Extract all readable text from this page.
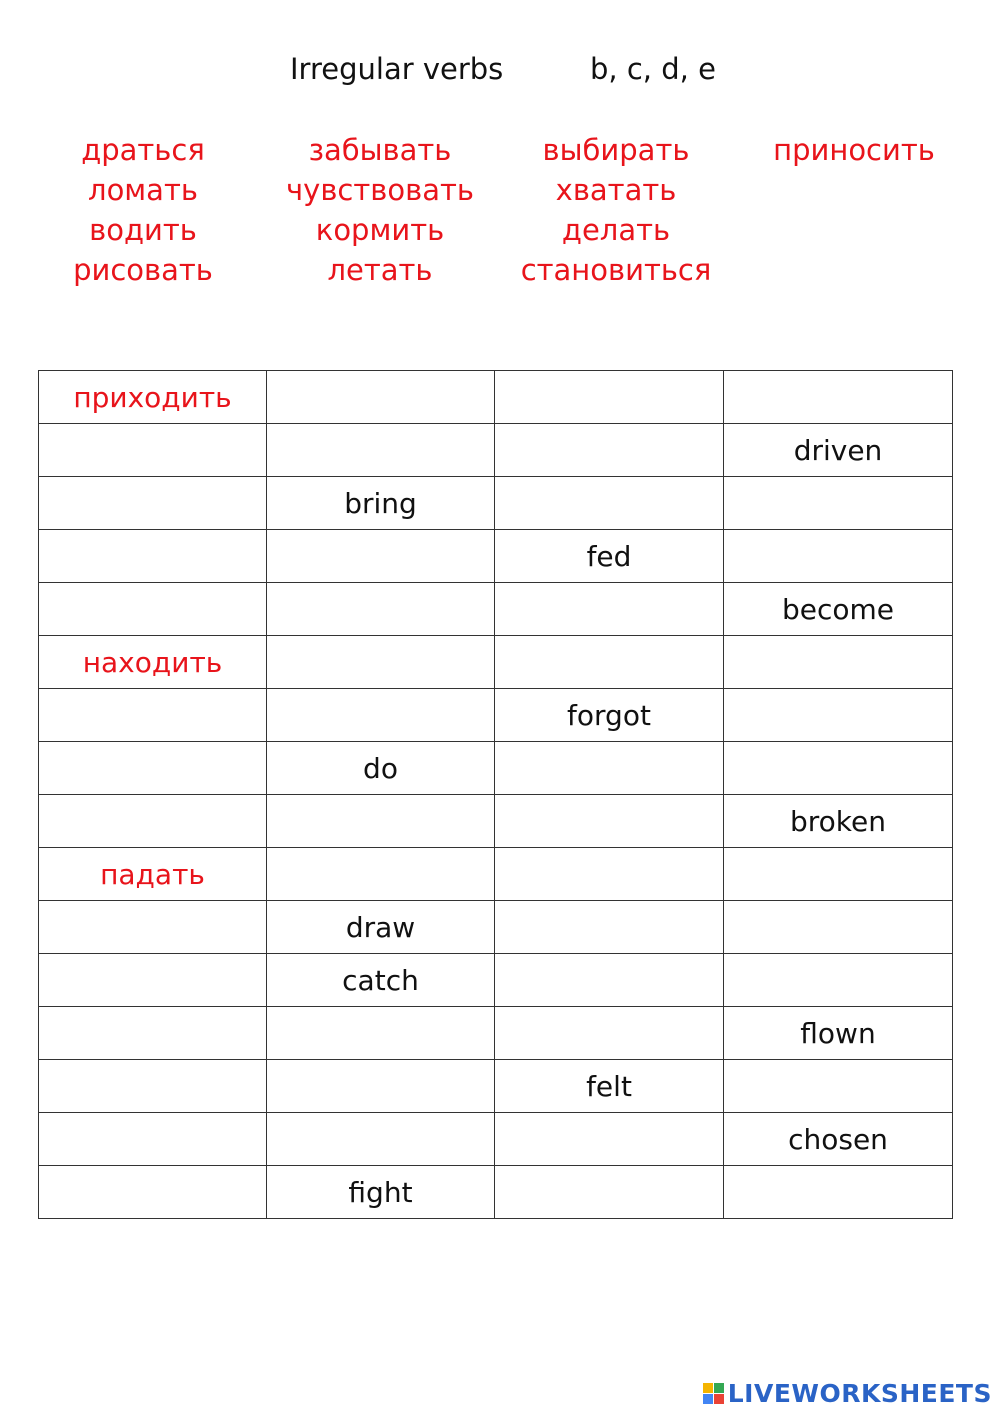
Irregular verbs	b, c, d, e
драться
ломать
водить
рисовать
забывать
чувствовать
кормить
летать
выбирать
хватать
делать
становиться
приносить
приходить			
			driven
	bring		
		fed	
			become
находить			
		forgot	
	do		
			broken
падать			
	draw		
	catch		
			flown
		felt	
			chosen
	fight		
LIVEWORKSHEETS
